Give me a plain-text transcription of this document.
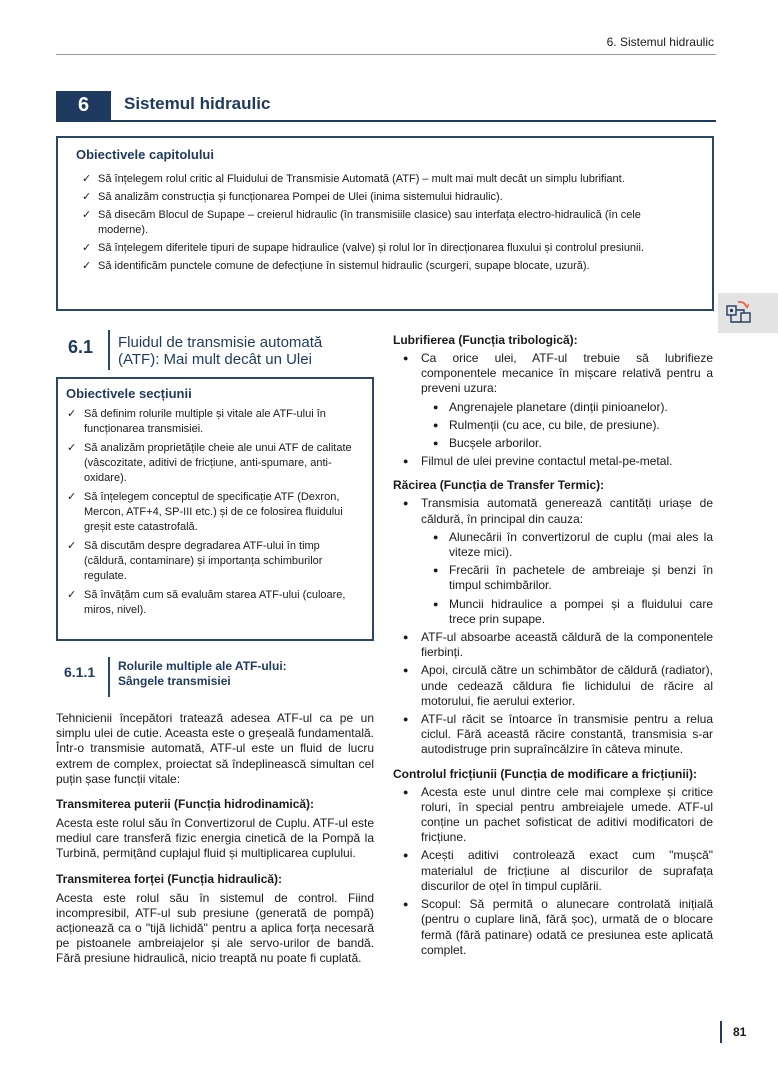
6. Sistemul hidraulic
6	Sistemul hidraulic
Obiectivele capitolului
✓ Să înțelegem rolul critic al Fluidului de Transmisie Automată (ATF) – mult mai mult decât un simplu lubrifiant.
✓ Să analizăm construcția și funcționarea Pompei de Ulei (inima sistemului hidraulic).
✓ Să disecăm Blocul de Supape – creierul hidraulic (în transmisiile clasice) sau interfața electro-hidraulică (în cele moderne).
✓ Să înțelegem diferitele tipuri de supape hidraulice (valve) și rolul lor în direcționarea fluxului și controlul presiunii.
✓ Să identificăm punctele comune de defecțiune în sistemul hidraulic (scurgeri, supape blocate, uzură).
6.1 Fluidul de transmisie automată
(ATF): Mai mult decât un Ulei
Obiectivele secțiunii
✓ Să definim rolurile multiple și vitale ale ATF-ului în funcționarea transmisiei.
✓ Să analizăm proprietățile cheie ale unui ATF de calitate (vâscozitate, aditivi de fricțiune, anti-spumare, anti-oxidare).
✓ Să înțelegem conceptul de specificație ATF (Dexron, Mercon, ATF+4, SP-III etc.) și de ce folosirea fluidului greșit este catastrofală.
✓ Să discutăm despre degradarea ATF-ului în timp (căldură, contaminare) și importanța schimburilor regulate.
✓ Să învățăm cum să evaluăm starea ATF-ului (culoare, miros, nivel).
6.1.1 Rolurile multiple ale ATF-ului:
Sângele transmisiei

Tehnicienii începători tratează adesea ATF-ul ca pe un simplu ulei de cutie. Aceasta este o greșeală fundamentală. Într-o transmisie automată, ATF-ul este un fluid de lucru extrem de complex, proiectat să îndeplinească simultan cel puțin șase funcții vitale:

Transmiterea puterii (Funcția hidrodinamică):

Acesta este rolul său în Convertizorul de Cuplu. ATF-ul este mediul care transferă fizic energia cinetică de la Pompă la Turbină, permițând cuplajul fluid și multiplicarea cuplului.

Transmiterea forței (Funcția hidraulică):

Acesta este rolul său în sistemul de control. Fiind incompresibil, ATF-ul sub presiune (generată de pompă) acționează ca o "tijă lichidă" pentru a aplica forța necesară pe pistoanele ambreiajelor și ale servo-urilor de bandă. Fără presiune hidraulică, nicio treaptă nu poate fi cuplată.

Lubrifierea (Funcția tribologică):
● Ca orice ulei, ATF-ul trebuie să lubrifieze componentele mecanice în mișcare relativă pentru a preveni uzura:
● Angrenajele planetare (dinții pinioanelor).
● Rulmenții (cu ace, cu bile, de presiune).
● Bucșele arborilor.
● Filmul de ulei previne contactul metal-pe-metal.
Răcirea (Funcția de Transfer Termic):
● Transmisia automată generează cantități uriașe de căldură, în principal din cauza:
● Alunecării în convertizorul de cuplu (mai ales la viteze mici).
● Frecării în pachetele de ambreiaje și benzi în timpul schimbărilor.
● Muncii hidraulice a pompei și a fluidului care trece prin supape.
● ATF-ul absoarbe această căldură de la componentele fierbinți.
● Apoi, circulă către un schimbător de căldură (radiator), unde cedează căldura fie lichidului de răcire al motorului, fie aerului exterior.
● ATF-ul răcit se întoarce în transmisie pentru a relua ciclul. Fără această răcire constantă, transmisia s-ar autodistruge prin supraîncălzire în câteva minute.
Controlul fricțiunii (Funcția de modificare a fricțiunii):
● Acesta este unul dintre cele mai complexe și critice roluri, în special pentru ambreiajele umede. ATF-ul conține un pachet sofisticat de aditivi modificatori de fricțiune.
● Acești aditivi controlează exact cum "mușcă" materialul de fricțiune al discurilor de suprafața discurilor de oțel în timpul cuplării.
● Scopul: Să permită o alunecare controlată inițială (pentru o cuplare lină, fără șoc), urmată de o blocare fermă (fără patinare) odată ce presiunea este aplicată complet.
81
